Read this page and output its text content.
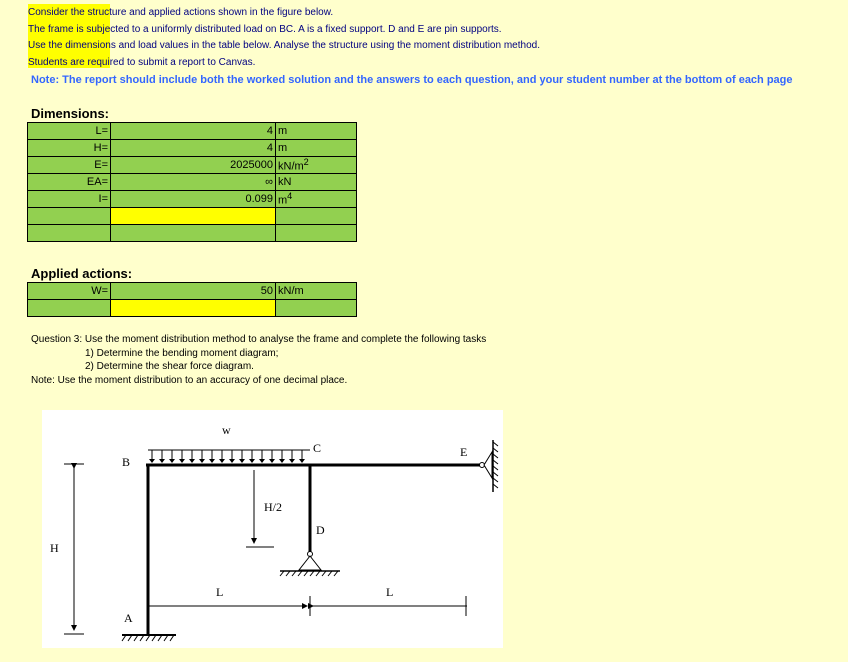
Consider the structure and applied actions shown in the figure below.
The frame is subjected to a uniformly distributed load on BC. A is a fixed support. D and E are pin supports.
Use the dimensions and load values in the table below. Analyse the structure using the moment distribution method.
Students are required to submit a report to Canvas.
Note: The report should include both the worked solution and the answers to each question, and your student number at the bottom of each page
Dimensions:
L=	4	m
H=	4	m
E=	2025000	$kN/m^2$
EA=	∞	kN
I=	0.099	$m^4$

Applied actions:
W=	50	kN/m

Question 3: Use the moment distribution method to analyse the frame and complete the following tasks
1) Determine the bending moment diagram;
2) Determine the shear force diagram.
Note: Use the moment distribution to an accuracy of one decimal place.
H
w
B
C
D
E
A
H/2
L	L
